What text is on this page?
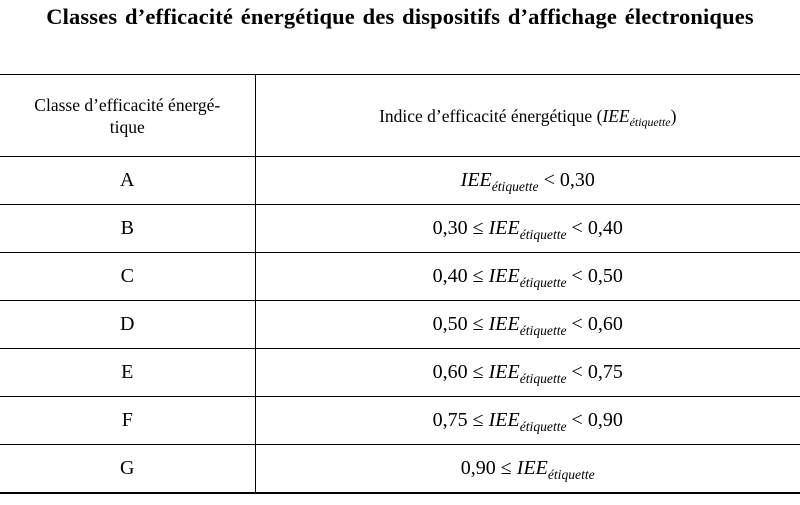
Classes d’efficacité énergétique des dispositifs d’affichage électroniques
Classe d’efficacité énergé-
tique	Indice d’efficacité énergétique $(IEE_{étiquette})$
A	$IEE_{étiquette} < 0,30$
B	$0,30 \le IEE_{étiquette} < 0,40$
C	$0,40 \le IEE_{étiquette} < 0,50$
D	$0,50 \le IEE_{étiquette} < 0,60$
E	$0,60 \le IEE_{étiquette} < 0,75$
F	$0,75 \le IEE_{étiquette} < 0,90$
G	$0,90 \le IEE_{étiquette}$
